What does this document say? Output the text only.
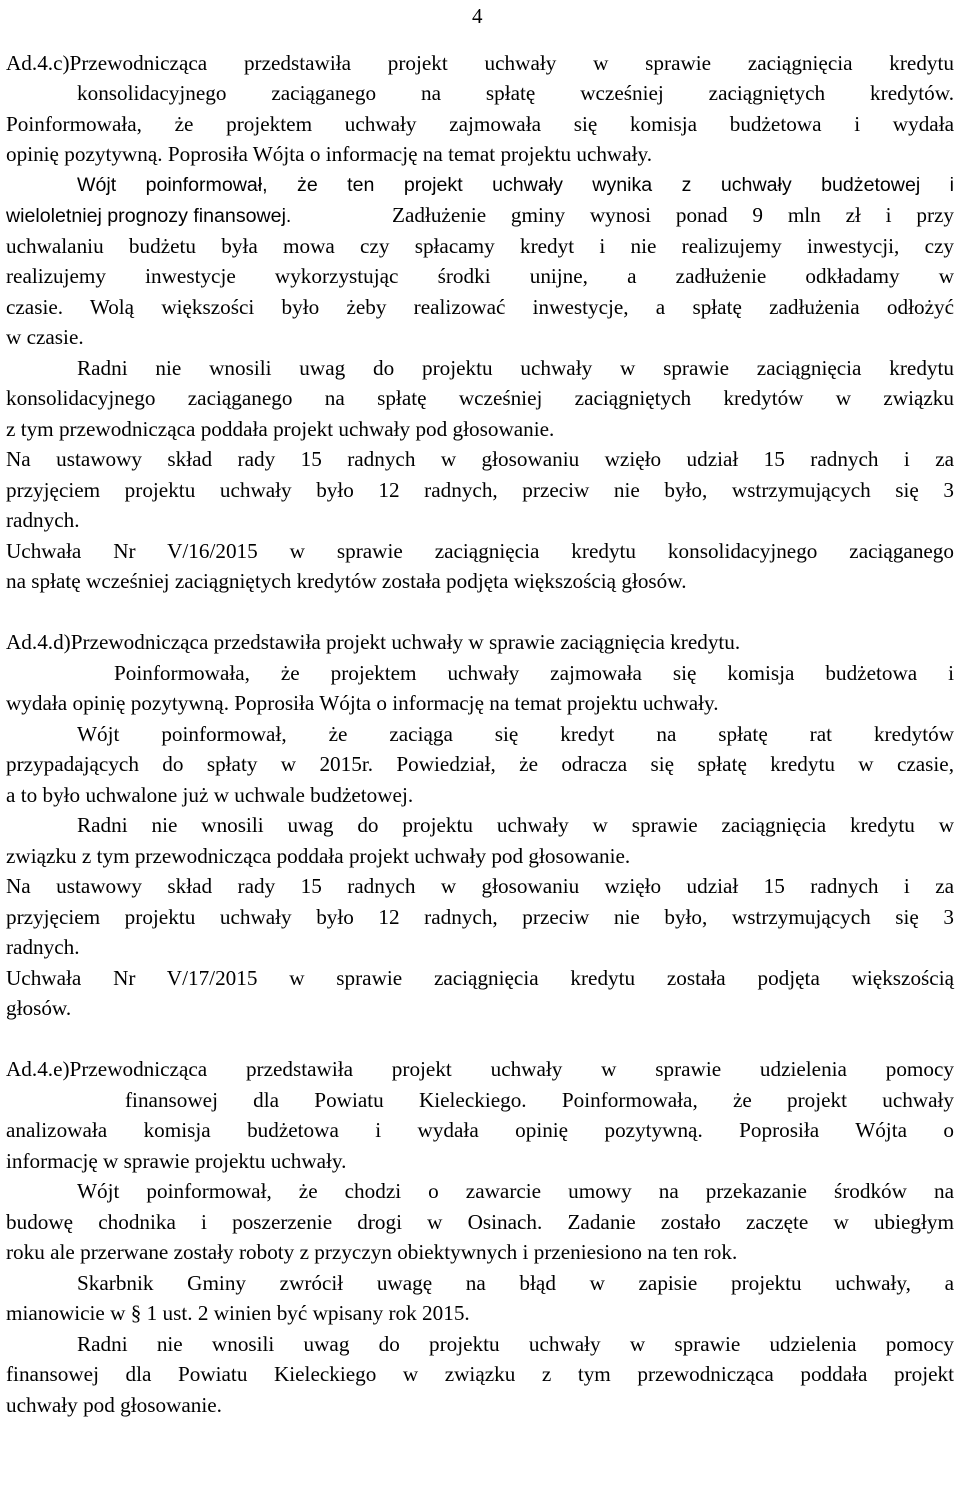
4
Ad.4.c)Przewodnicząca przedstawiła projekt uchwały w sprawie zaciągnięcia kredytu
konsolidacyjnego zaciąganego na spłatę wcześniej zaciągniętych kredytów.
Poinformowała, że projektem uchwały zajmowała się komisja budżetowa i wydała
opinię pozytywną. Poprosiła Wójta o informację na temat projektu uchwały.
Wójt poinformował, że ten projekt uchwały wynika z uchwały budżetowej i
wieloletniej prognozy finansowej.	Zadłużenie gminy wynosi ponad 9 mln zł i przy
uchwalaniu budżetu była mowa czy spłacamy kredyt i nie realizujemy inwestycji, czy
realizujemy inwestycje wykorzystując środki unijne, a zadłużenie odkładamy w
czasie. Wolą większości było żeby realizować inwestycje, a spłatę zadłużenia odłożyć
w czasie.
Radni nie wnosili uwag do projektu uchwały w sprawie zaciągnięcia kredytu
konsolidacyjnego zaciąganego na spłatę wcześniej zaciągniętych kredytów w związku
z tym przewodnicząca poddała projekt uchwały pod głosowanie.
Na ustawowy skład rady 15 radnych w głosowaniu wzięło udział 15 radnych i za
przyjęciem projektu uchwały było 12 radnych, przeciw nie było, wstrzymujących się 3
radnych.
Uchwała Nr V/16/2015 w sprawie zaciągnięcia kredytu konsolidacyjnego zaciąganego
na spłatę wcześniej zaciągniętych kredytów została podjęta większością głosów.
Ad.4.d)Przewodnicząca przedstawiła projekt uchwały w sprawie zaciągnięcia kredytu.
Poinformowała, że projektem uchwały zajmowała się komisja budżetowa i
wydała opinię pozytywną. Poprosiła Wójta o informację na temat projektu uchwały.
Wójt poinformował, że zaciąga się kredyt na spłatę rat kredytów
przypadających do spłaty w 2015r. Powiedział, że odracza się spłatę kredytu w czasie,
a to było uchwalone już w uchwale budżetowej.
Radni nie wnosili uwag do projektu uchwały w sprawie zaciągnięcia kredytu w
związku z tym przewodnicząca poddała projekt uchwały pod głosowanie.
Na ustawowy skład rady 15 radnych w głosowaniu wzięło udział 15 radnych i za
przyjęciem projektu uchwały było 12 radnych, przeciw nie było, wstrzymujących się 3
radnych.
Uchwała Nr V/17/2015 w sprawie zaciągnięcia kredytu została podjęta większością
głosów.
Ad.4.e)Przewodnicząca przedstawiła projekt uchwały w sprawie udzielenia pomocy
finansowej dla Powiatu Kieleckiego. Poinformowała, że projekt uchwały
analizowała komisja budżetowa i wydała opinię pozytywną. Poprosiła Wójta o
informację w sprawie projektu uchwały.
Wójt poinformował, że chodzi o zawarcie umowy na przekazanie środków na
budowę chodnika i poszerzenie drogi w Osinach. Zadanie zostało zaczęte w ubiegłym
roku ale przerwane zostały roboty z przyczyn obiektywnych i przeniesiono na ten rok.
Skarbnik Gminy zwrócił uwagę na błąd w zapisie projektu uchwały, a
mianowicie w § 1 ust. 2 winien być wpisany rok 2015.
Radni nie wnosili uwag do projektu uchwały w sprawie udzielenia pomocy
finansowej dla Powiatu Kieleckiego w związku z tym przewodnicząca poddała projekt
uchwały pod głosowanie.
